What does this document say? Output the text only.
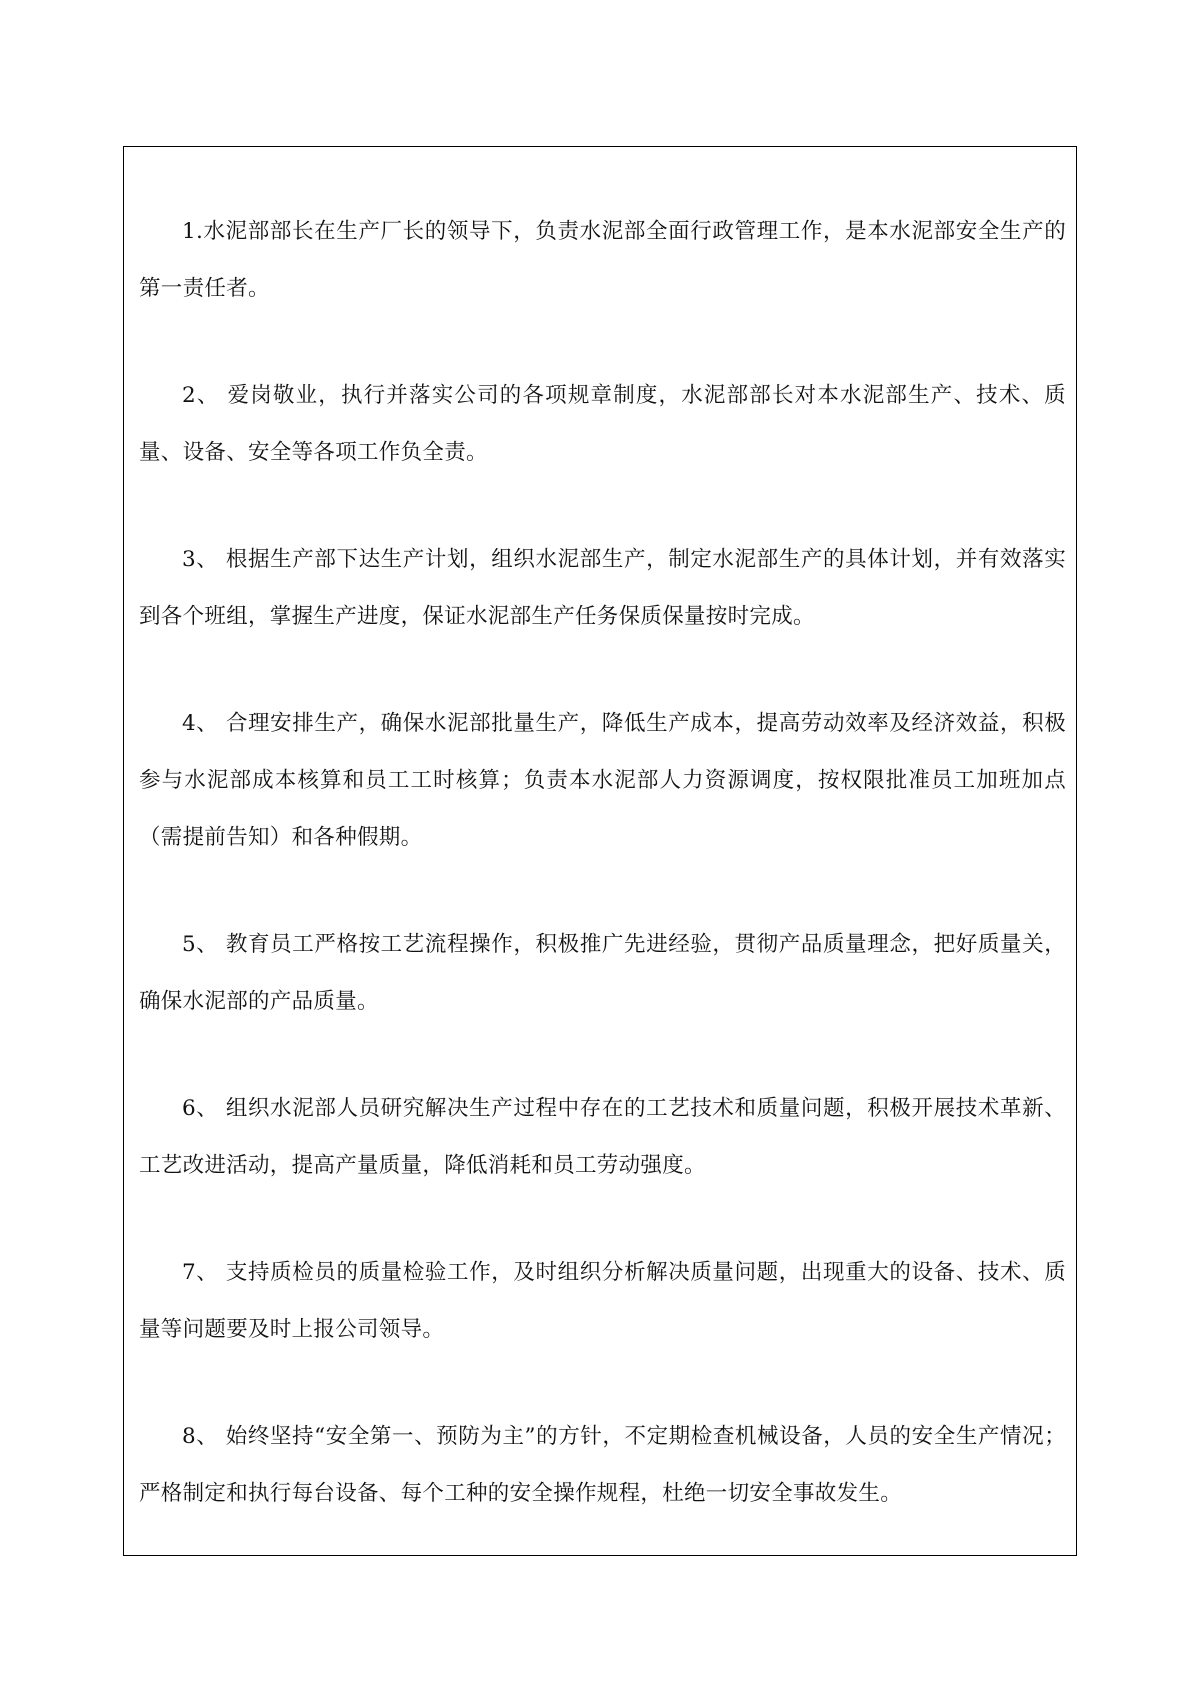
1.水泥部部长在生产厂长的领导下，负责水泥部全面行政管理工作，是本水泥部安全生产的第一责任者。
2、 爱岗敬业，执行并落实公司的各项规章制度，水泥部部长对本水泥部生产、技术、质量、设备、安全等各项工作负全责。
3、 根据生产部下达生产计划，组织水泥部生产，制定水泥部生产的具体计划，并有效落实到各个班组，掌握生产进度，保证水泥部生产任务保质保量按时完成。
4、 合理安排生产，确保水泥部批量生产，降低生产成本，提高劳动效率及经济效益，积极参与水泥部成本核算和员工工时核算；负责本水泥部人力资源调度，按权限批准员工加班加点（需提前告知）和各种假期。
5、 教育员工严格按工艺流程操作，积极推广先进经验，贯彻产品质量理念，把好质量关，确保水泥部的产品质量。
6、 组织水泥部人员研究解决生产过程中存在的工艺技术和质量问题，积极开展技术革新、工艺改进活动，提高产量质量，降低消耗和员工劳动强度。
7、 支持质检员的质量检验工作，及时组织分析解决质量问题，出现重大的设备、技术、质量等问题要及时上报公司领导。
8、 始终坚持“安全第一、预防为主”的方针，不定期检查机械设备，人员的安全生产情况；严格制定和执行每台设备、每个工种的安全操作规程，杜绝一切安全事故发生。
